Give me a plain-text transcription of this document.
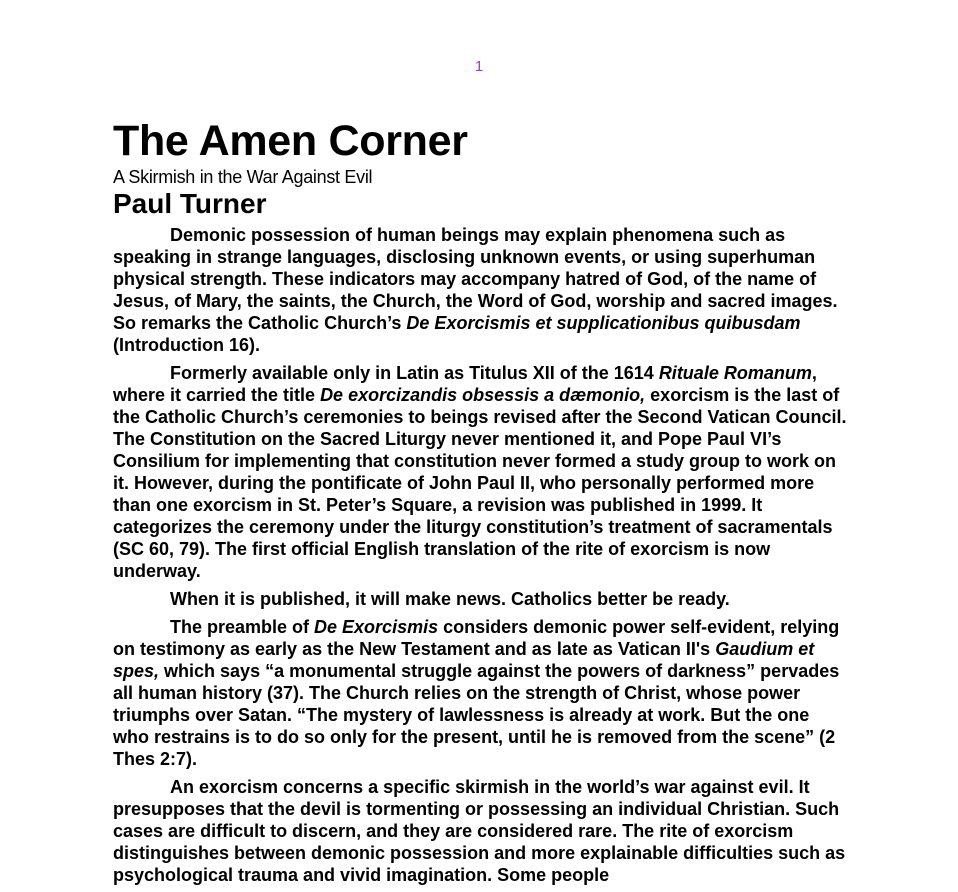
1
The Amen Corner
A Skirmish in the War Against Evil
Paul Turner

Demonic possession of human beings may explain phenomena such as speaking in strange languages, disclosing unknown events, or using superhuman physical strength. These indicators may accompany hatred of God, of the name of Jesus, of Mary, the saints, the Church, the Word of God, worship and sacred images. So remarks the Catholic Church’s De Exorcismis et supplicationibus quibusdam (Introduction 16).

Formerly available only in Latin as Titulus XII of the 1614 Rituale Romanum, where it carried the title De exorcizandis obsessis a dæmonio, exorcism is the last of the Catholic Church’s ceremonies to beings revised after the Second Vatican Council. The Constitution on the Sacred Liturgy never mentioned it, and Pope Paul VI’s Consilium for implementing that constitution never formed a study group to work on it. However, during the pontificate of John Paul II, who personally performed more than one exorcism in St. Peter’s Square, a revision was published in 1999. It categorizes the ceremony under the liturgy constitution’s treatment of sacramentals (SC 60, 79). The first official English translation of the rite of exorcism is now underway.

When it is published, it will make news. Catholics better be ready.

The preamble of De Exorcismis considers demonic power self-evident, relying on testimony as early as the New Testament and as late as Vatican II's Gaudium et spes, which says “a monumental struggle against the powers of darkness” pervades all human history (37). The Church relies on the strength of Christ, whose power triumphs over Satan. “The mystery of lawlessness is already at work. But the one who restrains is to do so only for the present, until he is removed from the scene” (2 Thes 2:7).

An exorcism concerns a specific skirmish in the world’s war against evil. It presupposes that the devil is tormenting or possessing an individual Christian. Such cases are difficult to discern, and they are considered rare. The rite of exorcism distinguishes between demonic possession and more explainable difficulties such as psychological trauma and vivid imagination. Some people
